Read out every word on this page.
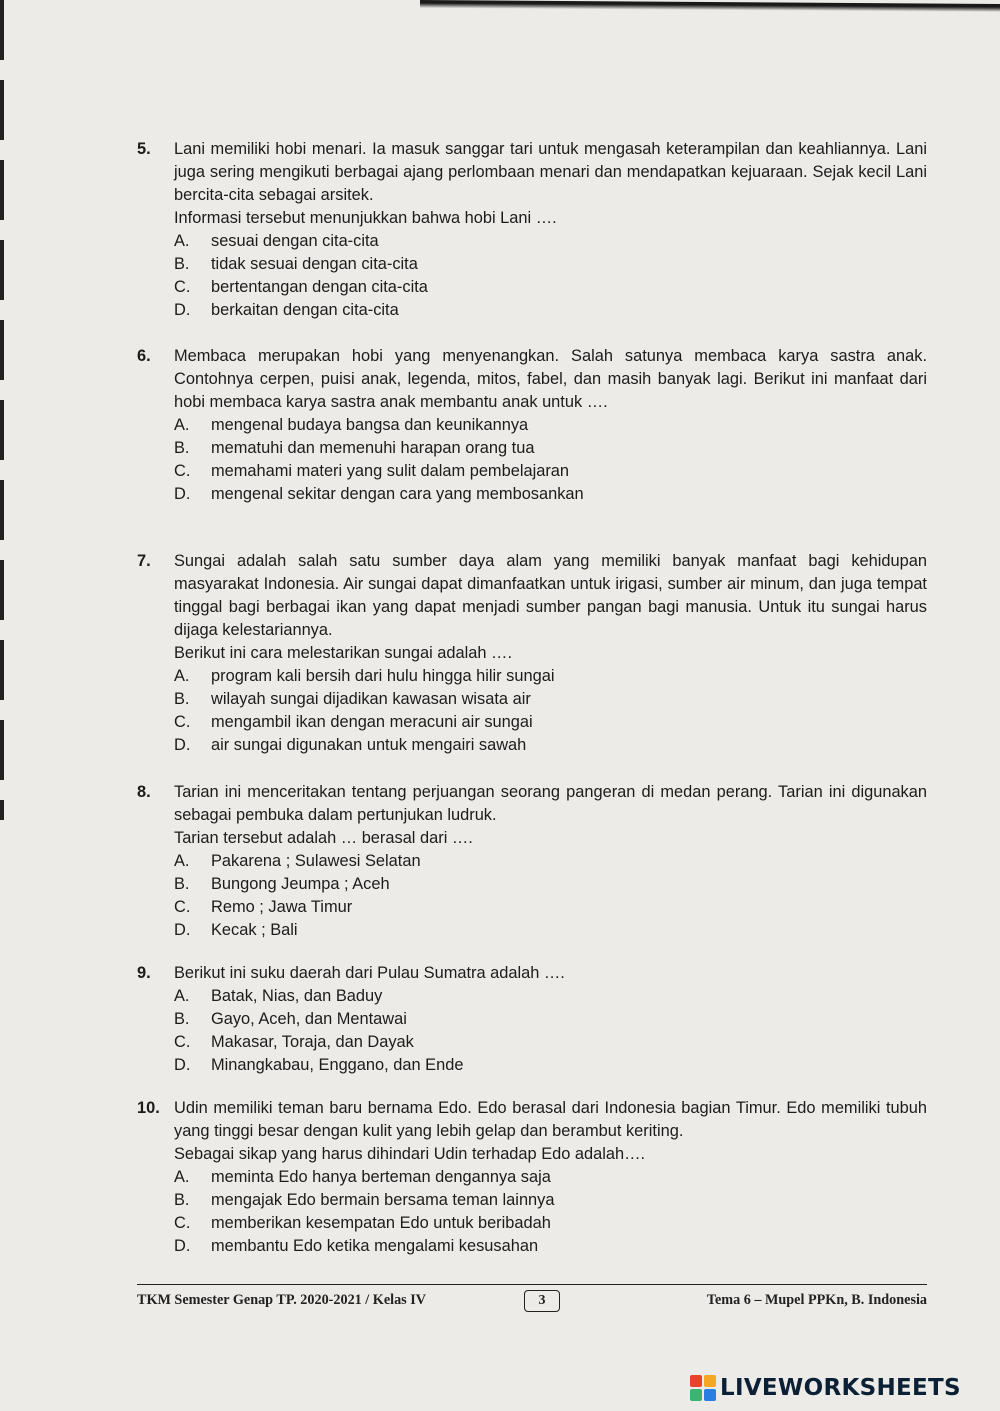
5.	Lani memiliki hobi menari. Ia masuk sanggar tari untuk mengasah keterampilan dan keahliannya. Lani juga sering mengikuti berbagai ajang perlombaan menari dan mendapatkan kejuaraan. Sejak kecil Lani bercita-cita sebagai arsitek.
Informasi tersebut menunjukkan bahwa hobi Lani ….
A.	sesuai dengan cita-cita
B.	tidak sesuai dengan cita-cita
C.	bertentangan dengan cita-cita
D.	berkaitan dengan cita-cita
6.	Membaca merupakan hobi yang menyenangkan. Salah satunya membaca karya sastra anak. Contohnya cerpen, puisi anak, legenda, mitos, fabel, dan masih banyak lagi. Berikut ini manfaat dari hobi membaca karya sastra anak membantu anak untuk ….
A.	mengenal budaya bangsa dan keunikannya
B.	mematuhi dan memenuhi harapan orang tua
C.	memahami materi yang sulit dalam pembelajaran
D.	mengenal sekitar dengan cara yang membosankan
7.	Sungai adalah salah satu sumber daya alam yang memiliki banyak manfaat bagi kehidupan masyarakat Indonesia. Air sungai dapat dimanfaatkan untuk irigasi, sumber air minum, dan juga tempat tinggal bagi berbagai ikan yang dapat menjadi sumber pangan bagi manusia. Untuk itu sungai harus dijaga kelestariannya.
Berikut ini cara melestarikan sungai adalah ….
A.	program kali bersih dari hulu hingga hilir sungai
B.	wilayah sungai dijadikan kawasan wisata air
C.	mengambil ikan dengan meracuni air sungai
D.	air sungai digunakan untuk mengairi sawah
8.	Tarian ini menceritakan tentang perjuangan seorang pangeran di medan perang. Tarian ini digunakan sebagai pembuka dalam pertunjukan ludruk.
Tarian tersebut adalah … berasal dari ….
A.	Pakarena ; Sulawesi Selatan
B.	Bungong Jeumpa ; Aceh
C.	Remo ; Jawa Timur
D.	Kecak ; Bali
9.	Berikut ini suku daerah dari Pulau Sumatra adalah ….
A.	Batak, Nias, dan Baduy
B.	Gayo, Aceh, dan Mentawai
C.	Makasar, Toraja, dan Dayak
D.	Minangkabau, Enggano, dan Ende
10. Udin memiliki teman baru bernama Edo. Edo berasal dari Indonesia bagian Timur. Edo memiliki tubuh yang tinggi besar dengan kulit yang lebih gelap dan berambut keriting.
Sebagai sikap yang harus dihindari Udin terhadap Edo adalah….
A.	meminta Edo hanya berteman dengannya saja
B.	mengajak Edo bermain bersama teman lainnya
C.	memberikan kesempatan Edo untuk beribadah
D.	membantu Edo ketika mengalami kesusahan
TKM Semester Genap TP. 2020-2021 / Kelas IV	3	Tema 6 – Mupel PPKn, B. Indonesia
LIVEWORKSHEETS
